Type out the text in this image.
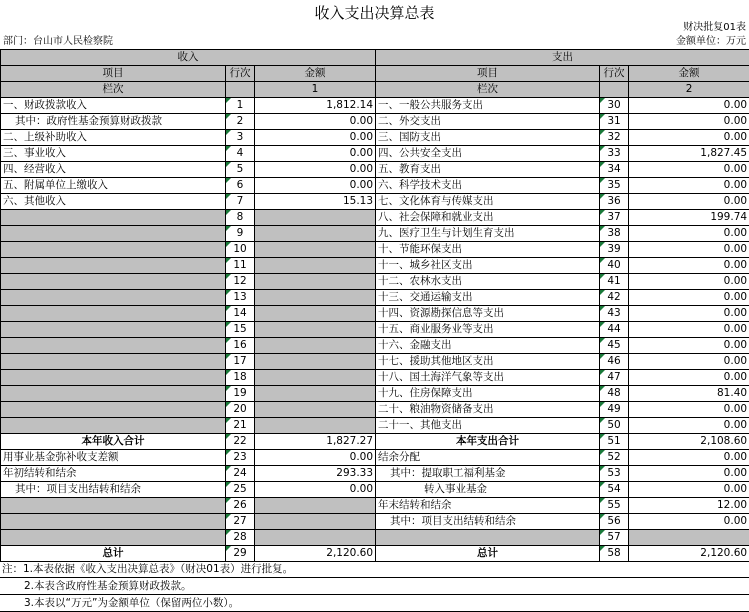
收入支出决算总表
财决批复01表
部门：台山市人民检察院	金额单位：万元
收入			支出		
项目	行次	金额	项目	行次	金额
栏次		1	栏次		2
一、财政拨款收入	1	1,812.14	一、一般公共服务支出	30	0.00
其中：政府性基金预算财政拨款	2	0.00	二、外交支出	31	0.00
二、上级补助收入	3	0.00	三、国防支出	32	0.00
三、事业收入	4	0.00	四、公共安全支出	33	1,827.45
四、经营收入	5	0.00	五、教育支出	34	0.00
五、附属单位上缴收入	6	0.00	六、科学技术支出	35	0.00
六、其他收入	7	15.13	七、文化体育与传媒支出	36	0.00
	8		八、社会保障和就业支出	37	199.74
	9		九、医疗卫生与计划生育支出	38	0.00
	10		十、节能环保支出	39	0.00
	11		十一、城乡社区支出	40	0.00
	12		十二、农林水支出	41	0.00
	13		十三、交通运输支出	42	0.00
	14		十四、资源勘探信息等支出	43	0.00
	15		十五、商业服务业等支出	44	0.00
	16		十六、金融支出	45	0.00
	17		十七、援助其他地区支出	46	0.00
	18		十八、国土海洋气象等支出	47	0.00
	19		十九、住房保障支出	48	81.40
	20		二十、粮油物资储备支出	49	0.00
	21		二十一、其他支出	50	0.00
本年收入合计	22	1,827.27	本年支出合计	51	2,108.60
用事业基金弥补收支差额	23	0.00	结余分配	52	0.00
年初结转和结余	24	293.33	其中：提取职工福利基金	53	0.00
其中：项目支出结转和结余	25	0.00	转入事业基金	54	0.00
	26		年末结转和结余	55	12.00
	27		其中：项目支出结转和结余	56	0.00
	28			57	
总计	29	2,120.60	总计	58	2,120.60
注：1.本表依据《收入支出决算总表》（财决01表）进行批复。
2.本表含政府性基金预算财政拨款。
3.本表以“万元”为金额单位（保留两位小数）。
